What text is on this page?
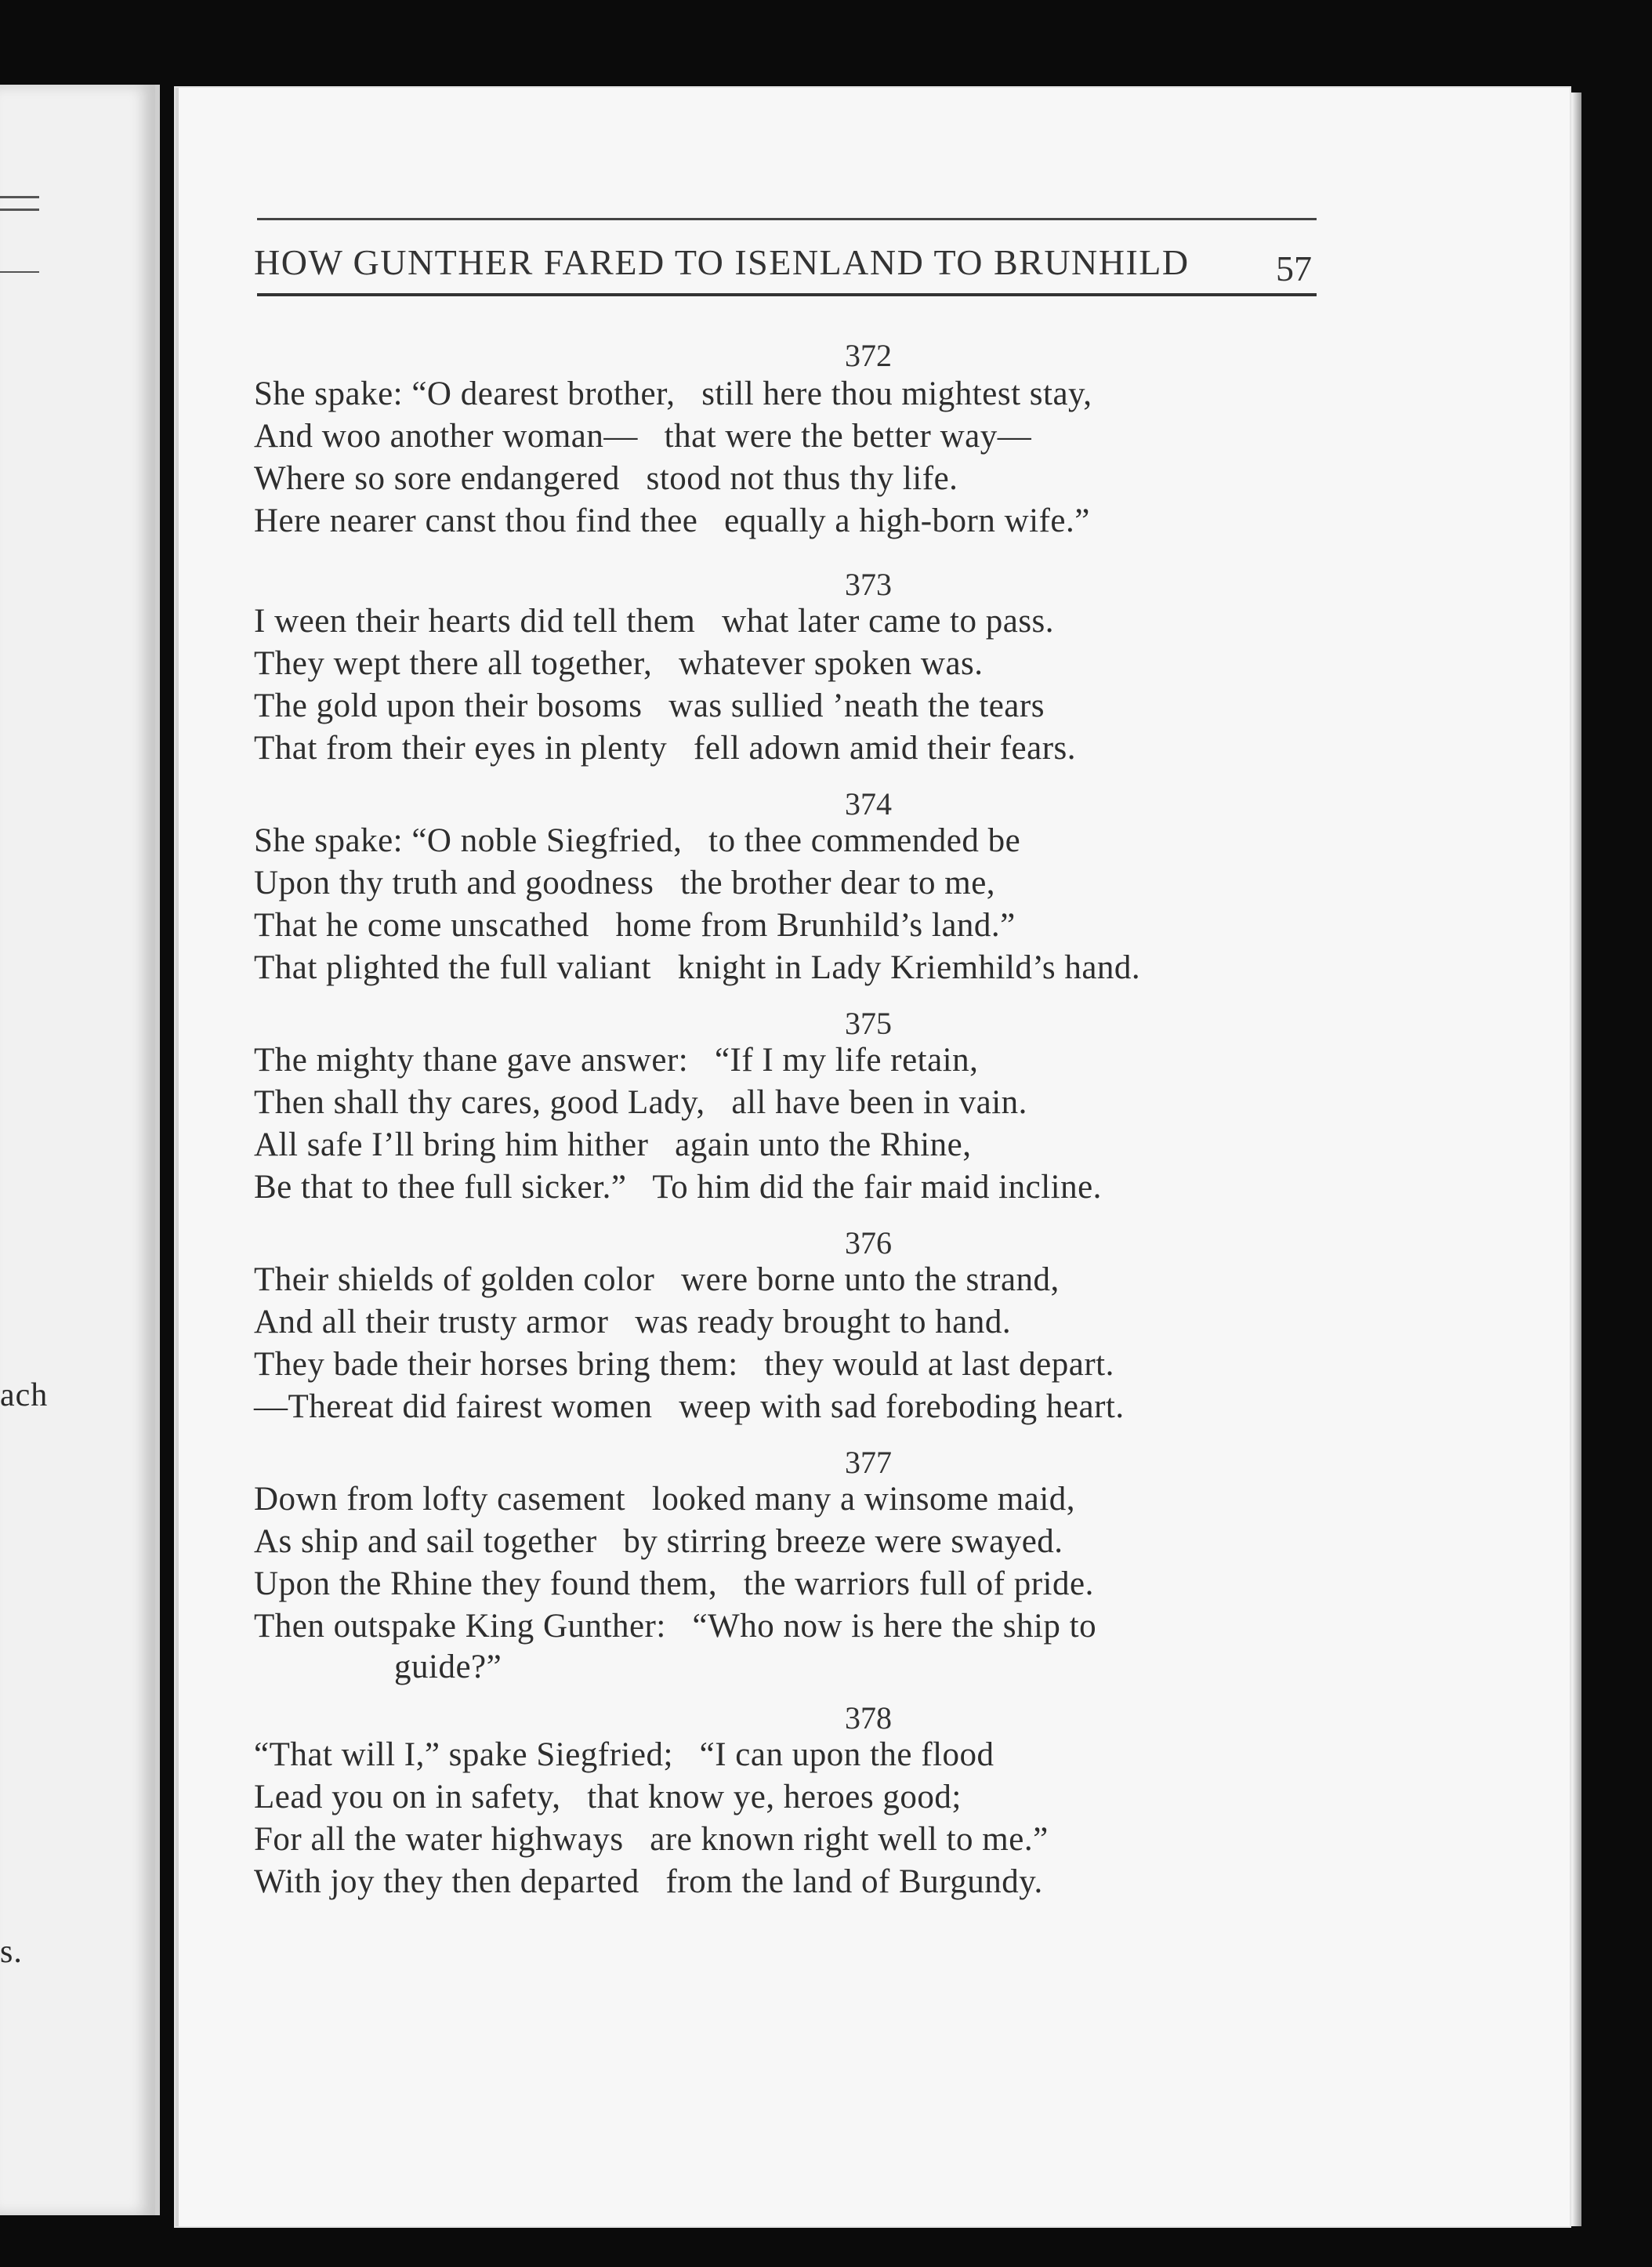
ach
s.
HOW GUNTHER FARED TO ISENLAND TO BRUNHILD	57
372
She spake: “O dearest brother,   still here thou mightest stay,
And woo another woman—   that were the better way—
Where so sore endangered   stood not thus thy life.
Here nearer canst thou find thee   equally a high-born wife.”
373
I ween their hearts did tell them   what later came to pass.
They wept there all together,   whatever spoken was.
The gold upon their bosoms   was sullied ’neath the tears
That from their eyes in plenty   fell adown amid their fears.
374
She spake: “O noble Siegfried,   to thee commended be
Upon thy truth and goodness   the brother dear to me,
That he come unscathed   home from Brunhild’s land.”
That plighted the full valiant   knight in Lady Kriemhild’s hand.
375
The mighty thane gave answer:   “If I my life retain,
Then shall thy cares, good Lady,   all have been in vain.
All safe I’ll bring him hither   again unto the Rhine,
Be that to thee full sicker.”   To him did the fair maid incline.
376
Their shields of golden color   were borne unto the strand,
And all their trusty armor   was ready brought to hand.
They bade their horses bring them:   they would at last depart.
—Thereat did fairest women   weep with sad foreboding heart.
377
Down from lofty casement   looked many a winsome maid,
As ship and sail together   by stirring breeze were swayed.
Upon the Rhine they found them,   the warriors full of pride.
Then outspake King Gunther:   “Who now is here the ship to
guide?”
378
“That will I,” spake Siegfried;   “I can upon the flood
Lead you on in safety,   that know ye, heroes good;
For all the water highways   are known right well to me.”
With joy they then departed   from the land of Burgundy.
